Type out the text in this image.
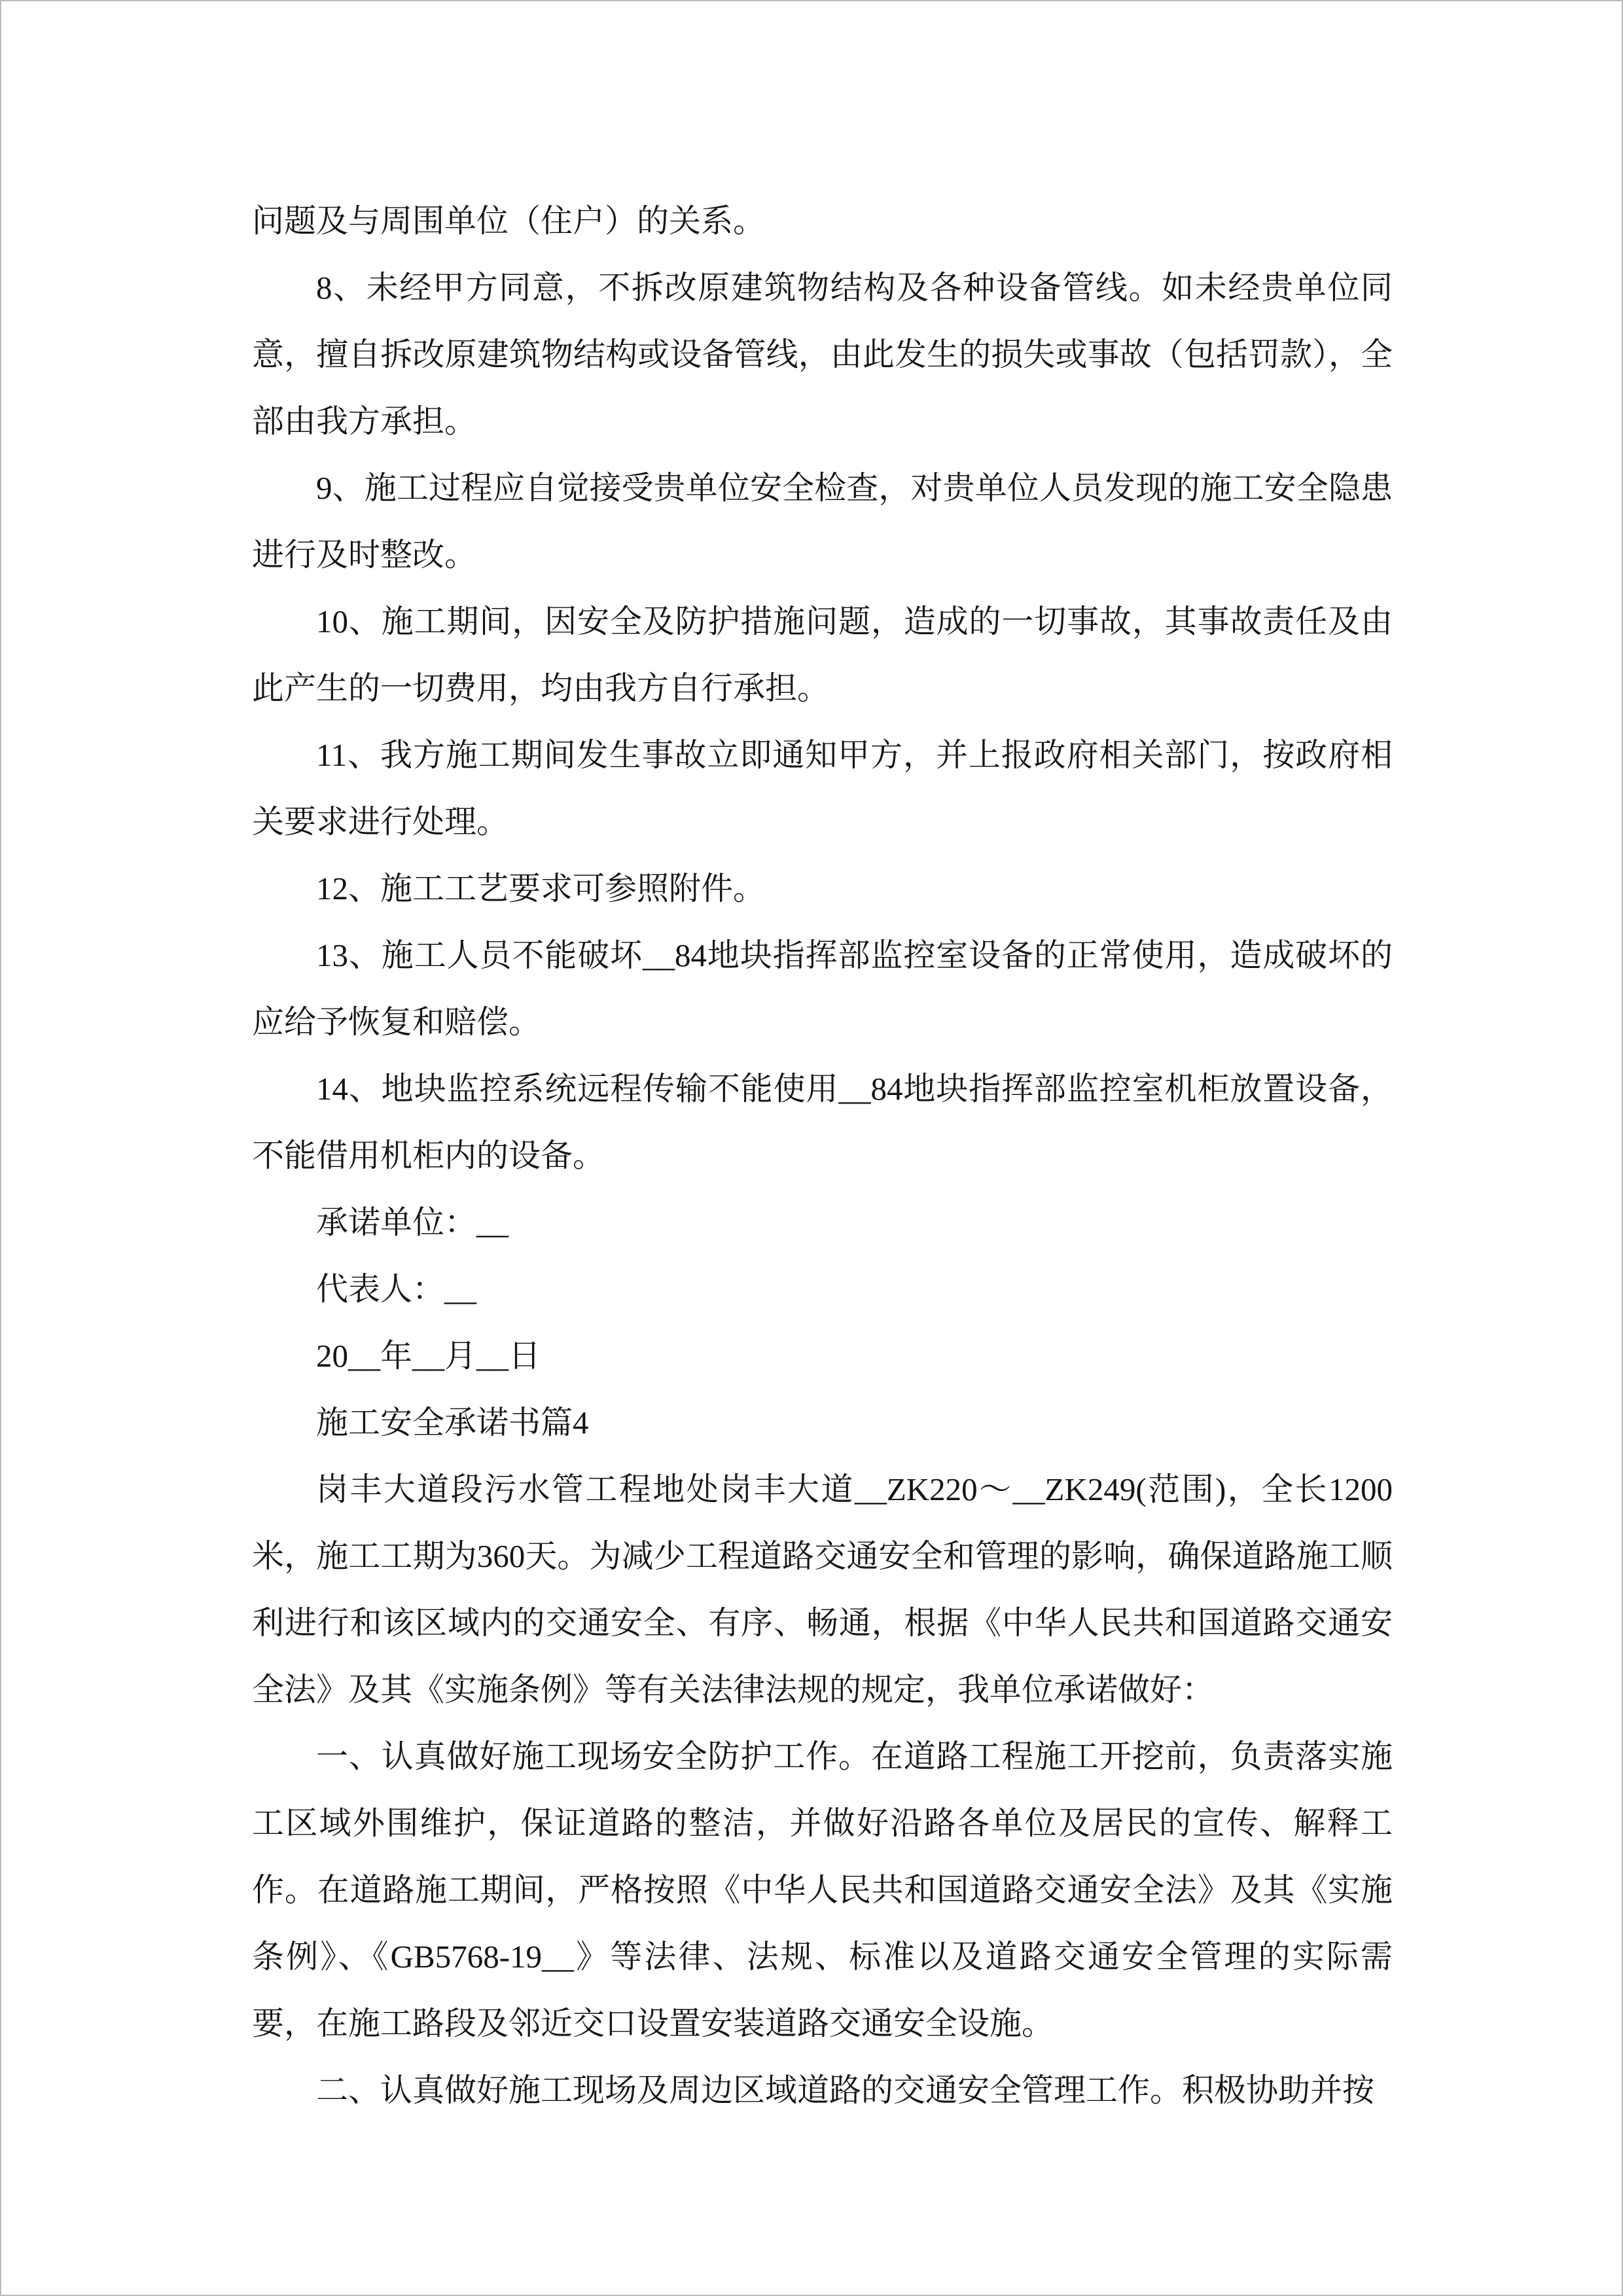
问题及与周围单位（住户）的关系。

8、未经甲方同意，不拆改原建筑物结构及各种设备管线。如未经贵单位同意，擅自拆改原建筑物结构或设备管线，由此发生的损失或事故（包括罚款），全部由我方承担。

9、施工过程应自觉接受贵单位安全检查，对贵单位人员发现的施工安全隐患进行及时整改。

10、施工期间，因安全及防护措施问题，造成的一切事故，其事故责任及由此产生的一切费用，均由我方自行承担。

11、我方施工期间发生事故立即通知甲方，并上报政府相关部门，按政府相关要求进行处理。

12、施工工艺要求可参照附件。

13、施工人员不能破坏__84地块指挥部监控室设备的正常使用，造成破坏的应给予恢复和赔偿。

14、地块监控系统远程传输不能使用__84地块指挥部监控室机柜放置设备，不能借用机柜内的设备。

承诺单位：__

代表人：__

20__年__月__日

施工安全承诺书篇4

岗丰大道段污水管工程地处岗丰大道__ZK220～__ZK249(范围)，全长1200米，施工工期为360天。为减少工程道路交通安全和管理的影响，确保道路施工顺利进行和该区域内的交通安全、有序、畅通，根据《中华人民共和国道路交通安全法》及其《实施条例》等有关法律法规的规定，我单位承诺做好：

一、认真做好施工现场安全防护工作。在道路工程施工开挖前，负责落实施工区域外围维护，保证道路的整洁，并做好沿路各单位及居民的宣传、解释工作。在道路施工期间，严格按照《中华人民共和国道路交通安全法》及其《实施条例》、《GB5768-19__》等法律、法规、标准以及道路交通安全管理的实际需要，在施工路段及邻近交口设置安装道路交通安全设施。

二、认真做好施工现场及周边区域道路的交通安全管理工作。积极协助并按
